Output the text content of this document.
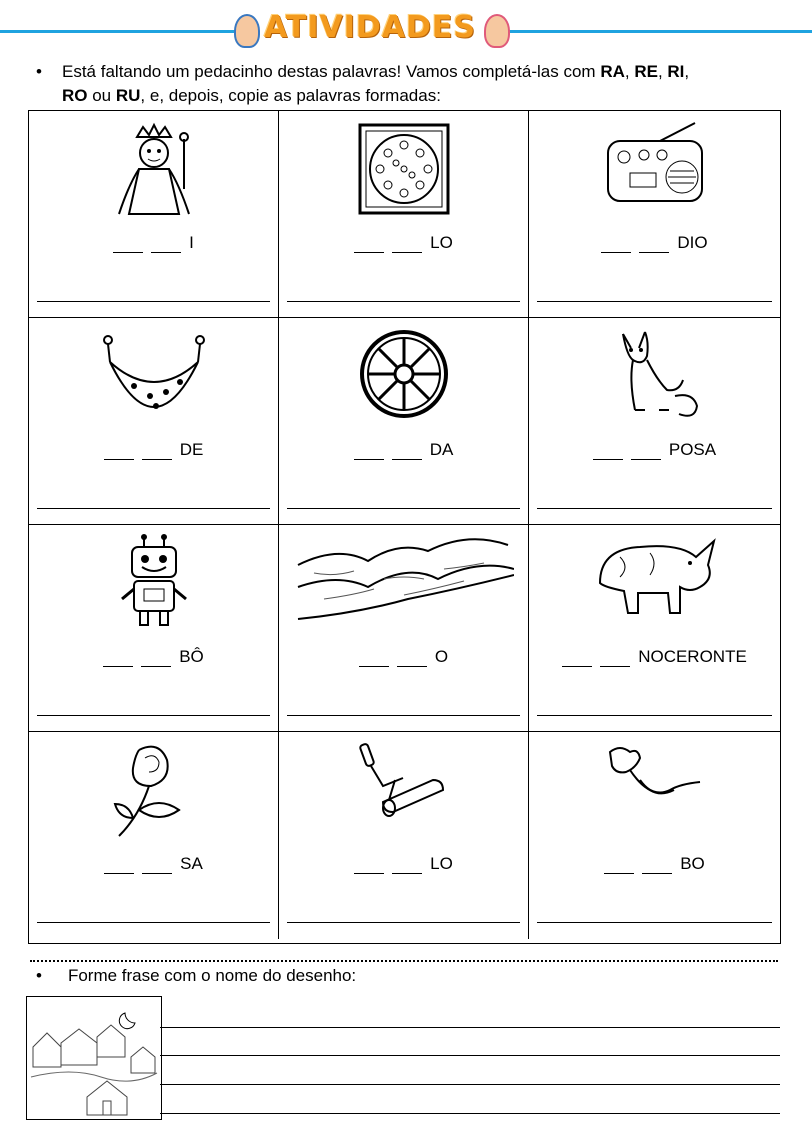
ATIVIDADES
• Está faltando um pedacinho destas palavras! Vamos completá-las com RA, RE, RI,
RO ou RU, e, depois, copie as palavras formadas:
I	LO	DIO
DE	DA	POSA
BÔ	O	NOCERONTE
SA	LO	BO
• Forme frase com o nome do desenho:
